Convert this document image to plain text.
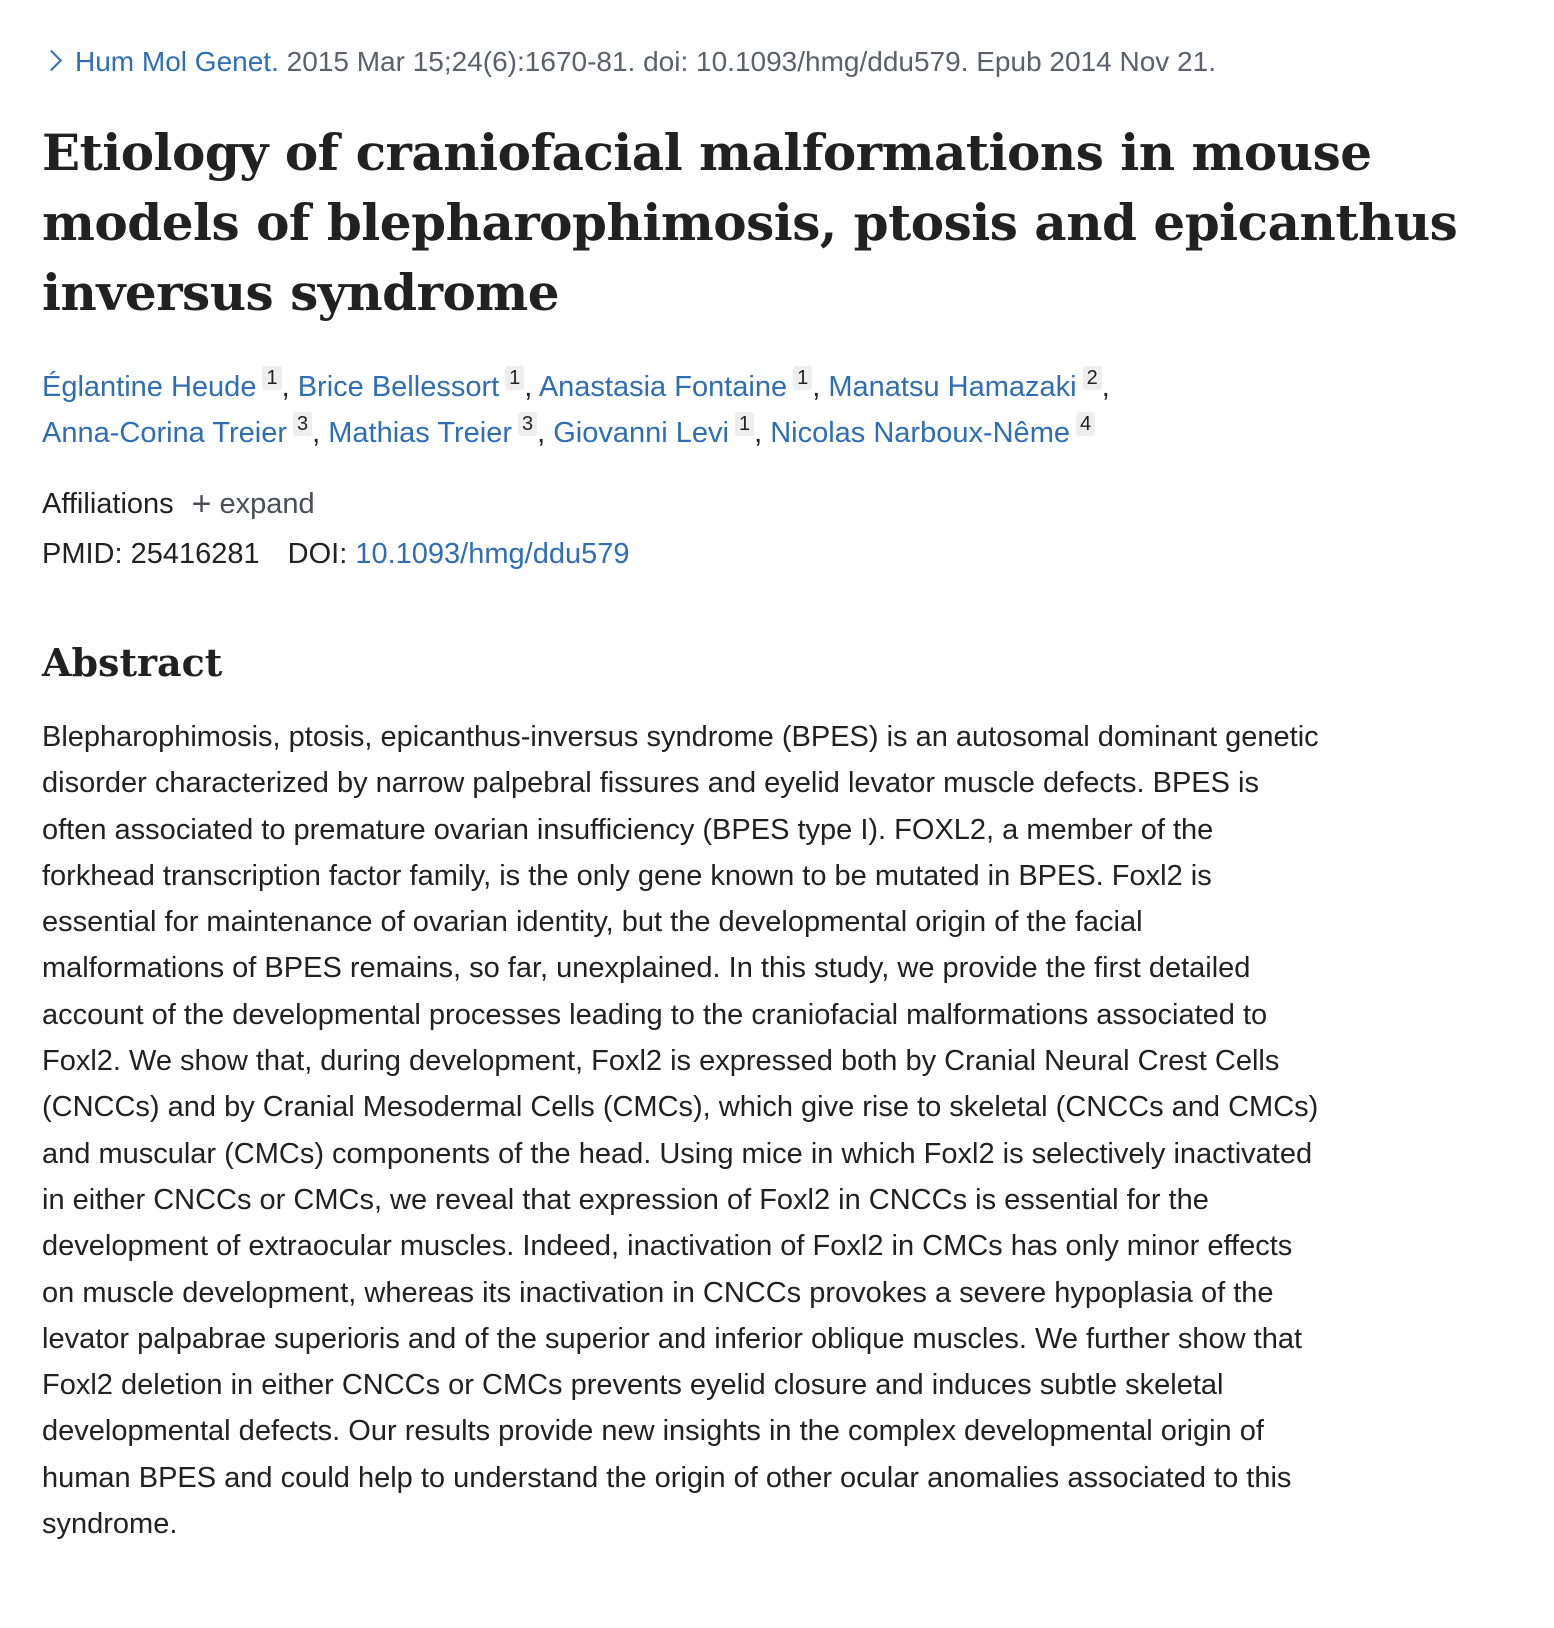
Hum Mol Genet. 2015 Mar 15;24(6):1670-81. doi: 10.1093/hmg/ddu579. Epub 2014 Nov 21.
Etiology of craniofacial malformations in mouse models of blepharophimosis, ptosis and epicanthus inversus syndrome
Églantine Heude 1 , Brice Bellessort 1 , Anastasia Fontaine 1 , Manatsu Hamazaki 2 ,
Anna-Corina Treier 3 , Mathias Treier 3 , Giovanni Levi 1 , Nicolas Narboux-Nême 4
Affiliations + expand
PMID: 25416281 DOI: 10.1093/hmg/ddu579
Abstract

Blepharophimosis, ptosis, epicanthus-inversus syndrome (BPES) is an autosomal dominant genetic
disorder characterized by narrow palpebral fissures and eyelid levator muscle defects. BPES is
often associated to premature ovarian insufficiency (BPES type I). FOXL2, a member of the
forkhead transcription factor family, is the only gene known to be mutated in BPES. Foxl2 is
essential for maintenance of ovarian identity, but the developmental origin of the facial
malformations of BPES remains, so far, unexplained. In this study, we provide the first detailed
account of the developmental processes leading to the craniofacial malformations associated to
Foxl2. We show that, during development, Foxl2 is expressed both by Cranial Neural Crest Cells
(CNCCs) and by Cranial Mesodermal Cells (CMCs), which give rise to skeletal (CNCCs and CMCs)
and muscular (CMCs) components of the head. Using mice in which Foxl2 is selectively inactivated
in either CNCCs or CMCs, we reveal that expression of Foxl2 in CNCCs is essential for the
development of extraocular muscles. Indeed, inactivation of Foxl2 in CMCs has only minor effects
on muscle development, whereas its inactivation in CNCCs provokes a severe hypoplasia of the
levator palpabrae superioris and of the superior and inferior oblique muscles. We further show that
Foxl2 deletion in either CNCCs or CMCs prevents eyelid closure and induces subtle skeletal
developmental defects. Our results provide new insights in the complex developmental origin of
human BPES and could help to understand the origin of other ocular anomalies associated to this
syndrome.
